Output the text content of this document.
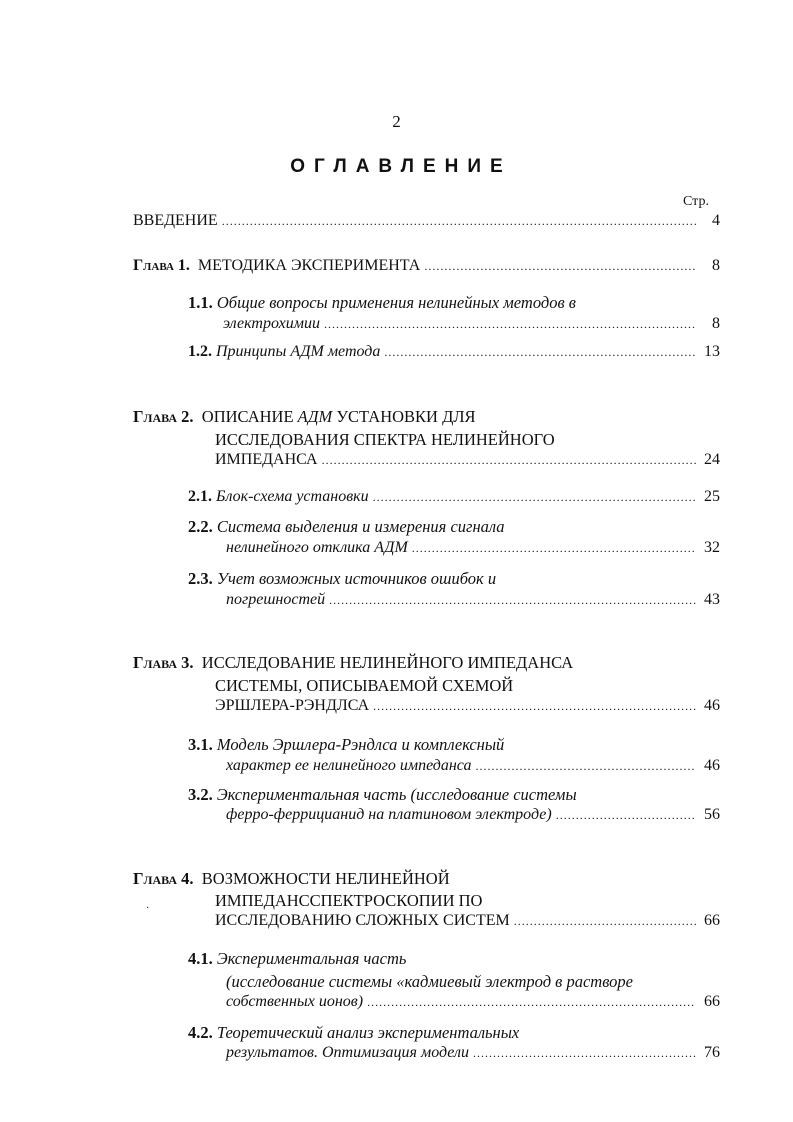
2
ОГЛАВЛЕНИЕ
Стр.
ВВЕДЕНИЕ .....	4
Глава 1. МЕТОДИКА ЭКСПЕРИМЕНТА .....	8
1.1. Общие вопросы применения нелинейных методов в
электрохимии .....	8
1.2. Принципы АДМ метода .....	13
Глава 2. ОПИСАНИЕ АДМ УСТАНОВКИ ДЛЯ
ИССЛЕДОВАНИЯ СПЕКТРА НЕЛИНЕЙНОГО
ИМПЕДАНСА .....	24
2.1. Блок-схема установки .....	25
2.2. Система выделения и измерения сигнала
нелинейного отклика АДМ .....	32
2.3. Учет возможных источников ошибок и
погрешностей .....	43
Глава 3. ИССЛЕДОВАНИЕ НЕЛИНЕЙНОГО ИМПЕДАНСА
СИСТЕМЫ, ОПИСЫВАЕМОЙ СХЕМОЙ
ЭРШЛЕРА-РЭНДЛСА .....	46
3.1. Модель Эршлера-Рэндлса и комплексный
характер ее нелинейного импеданса .....	46
3.2. Экспериментальная часть (исследование системы
ферро-феррицианид на платиновом электроде) .....	56
Глава 4. ВОЗМОЖНОСТИ НЕЛИНЕЙНОЙ
·	ИМПЕДАНССПЕКТРОСКОПИИ ПО
ИССЛЕДОВАНИЮ СЛОЖНЫХ СИСТЕМ .....	66
4.1. Экспериментальная часть
(исследование системы «кадмиевый электрод в растворе
собственных ионов) .....	66
4.2. Теоретический анализ экспериментальных
результатов. Оптимизация модели .....	76
